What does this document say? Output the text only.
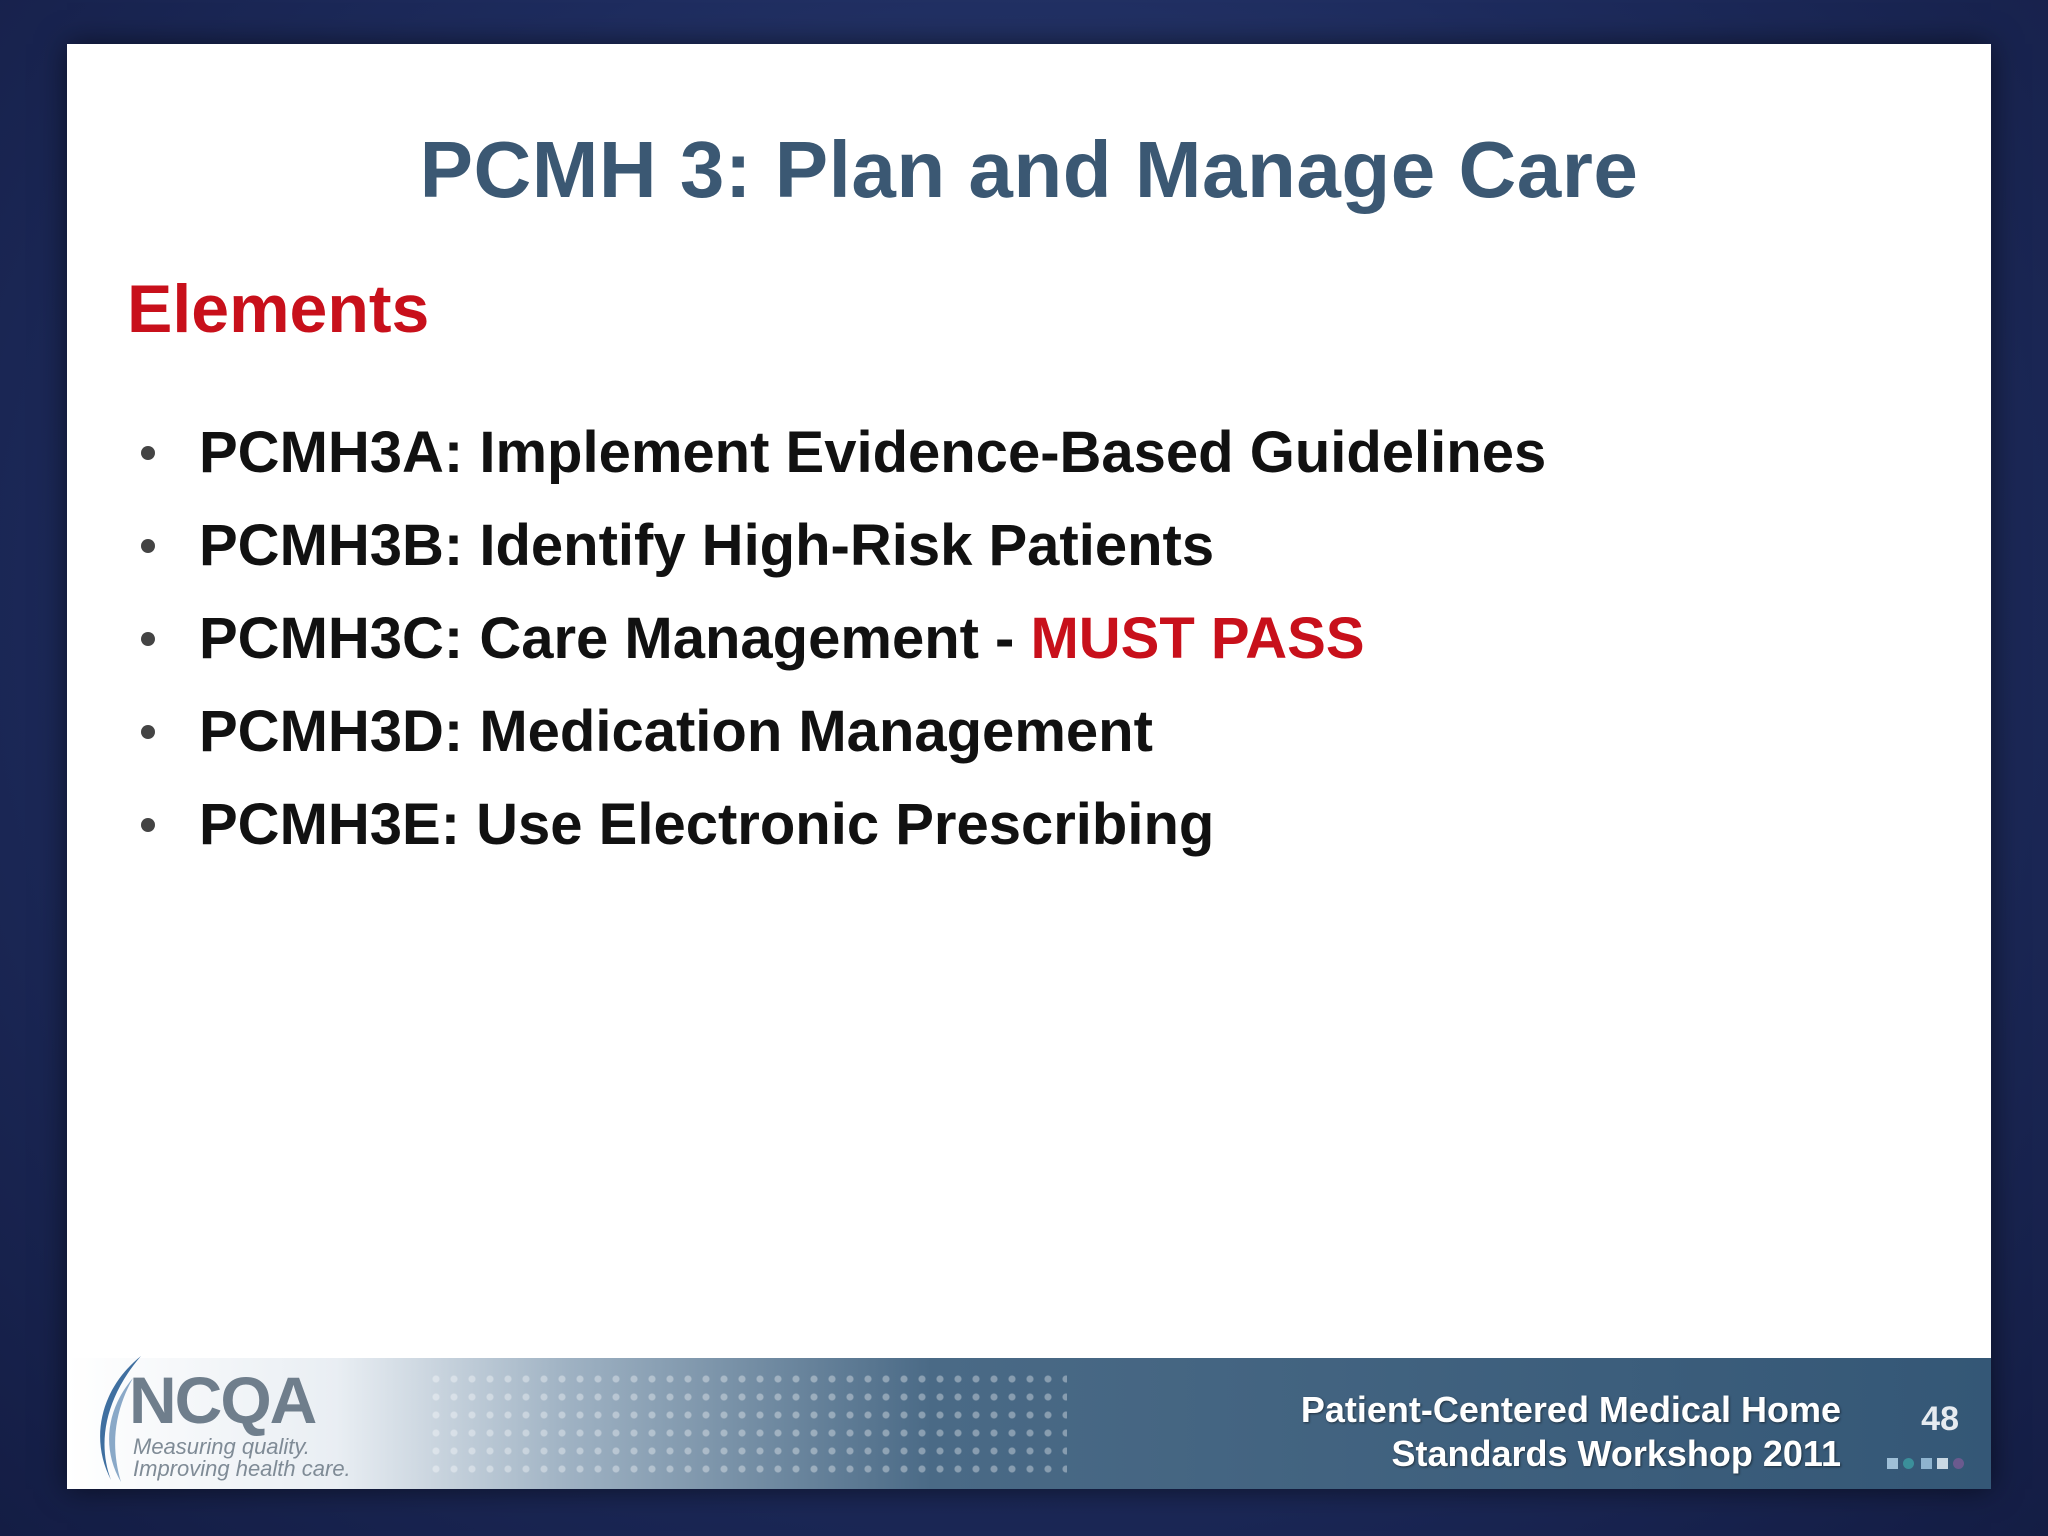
PCMH 3: Plan and Manage Care
Elements
PCMH3A: Implement Evidence-Based Guidelines
PCMH3B: Identify High-Risk Patients
PCMH3C: Care Management - MUST PASS
PCMH3D: Medication Management
PCMH3E: Use Electronic Prescribing
NCQA
Measuring quality.
Improving health care.
Patient-Centered Medical Home
Standards Workshop 2011
48
